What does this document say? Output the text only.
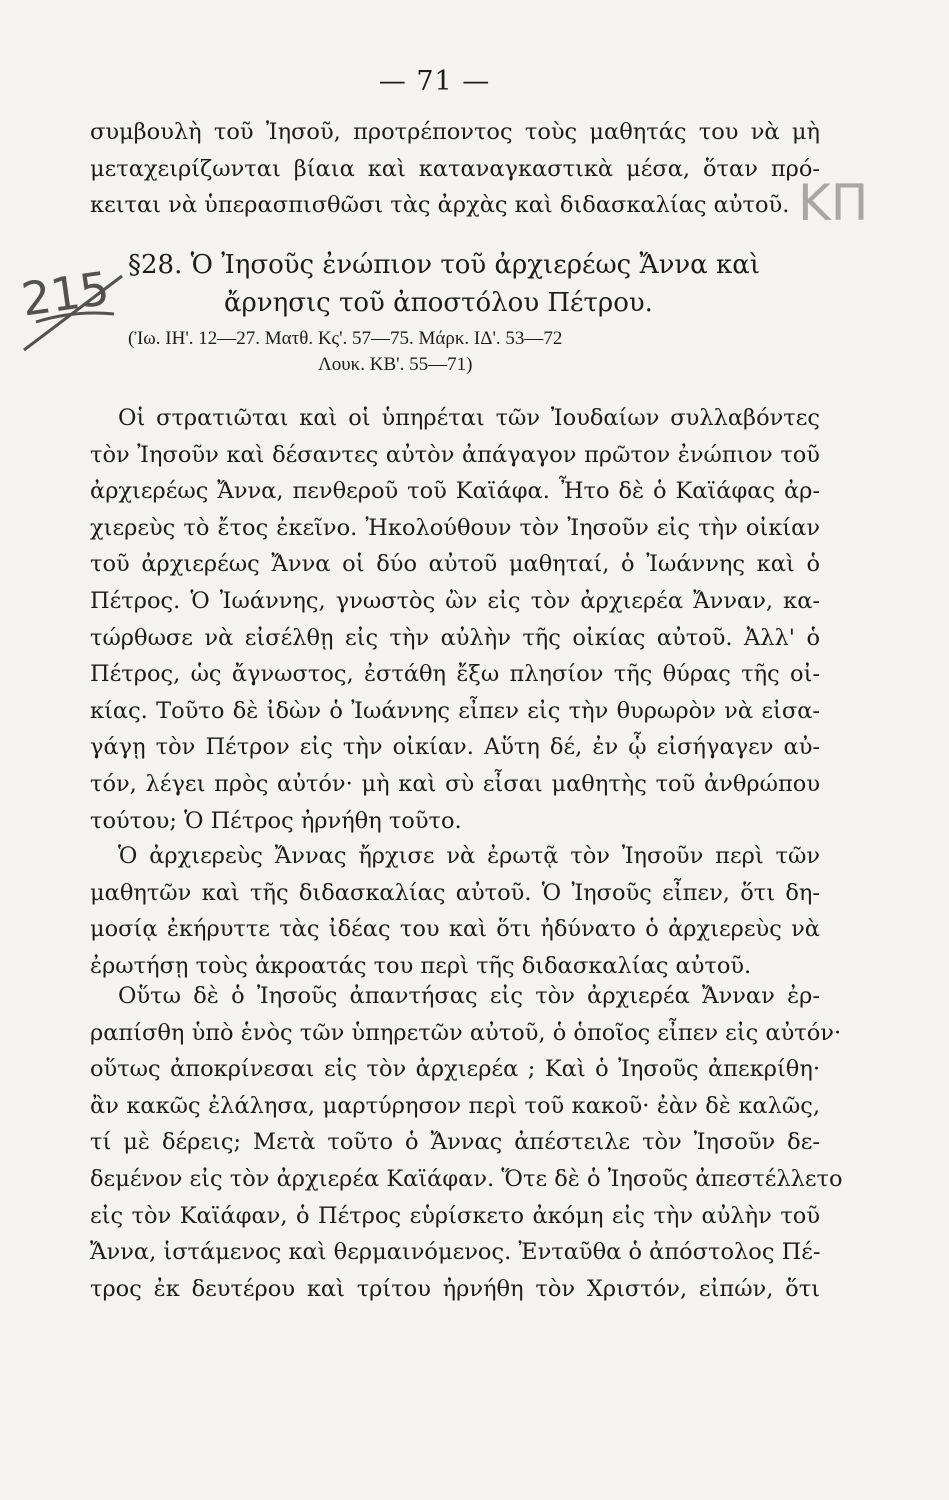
— 71 —
215
ΚΠ
συμβουλὴ τοῦ Ἰησοῦ, προτρέποντος τοὺς μαθητάς του νὰ μὴ
μεταχειρίζωνται βίαια καὶ καταναγκαστικὰ μέσα, ὅταν πρό-
κειται νὰ ὑπερασπισθῶσι τὰς ἀρχὰς καὶ διδασκαλίας αὐτοῦ.
§28. Ὁ Ἰησοῦς ἐνώπιον τοῦ ἀρχιερέως Ἄννα καὶ
ἄρνησις τοῦ ἀποστόλου Πέτρου.
(Ἰω. ΙΗ'. 12—27. Ματθ. Κς'. 57—75. Μάρκ. ΙΔ'. 53—72
Λουκ. ΚΒ'. 55—71)
Οἱ στρατιῶται καὶ οἱ ὑπηρέται τῶν Ἰουδαίων συλλαβόντες
τὸν Ἰησοῦν καὶ δέσαντες αὐτὸν ἀπάγαγον πρῶτον ἐνώπιον τοῦ
ἀρχιερέως Ἄννα, πενθεροῦ τοῦ Καϊάφα. Ἦτο δὲ ὁ Καϊάφας ἀρ-
χιερεὺς τὸ ἔτος ἐκεῖνο. Ἠκολούθουν τὸν Ἰησοῦν εἰς τὴν οἰκίαν
τοῦ ἀρχιερέως Ἄννα οἱ δύο αὐτοῦ μαθηταί, ὁ Ἰωάννης καὶ ὁ
Πέτρος. Ὁ Ἰωάννης, γνωστὸς ὢν εἰς τὸν ἀρχιερέα Ἄνναν, κα-
τώρθωσε νὰ εἰσέλθῃ εἰς τὴν αὐλὴν τῆς οἰκίας αὐτοῦ. Ἀλλ' ὁ
Πέτρος, ὡς ἄγνωστος, ἐστάθη ἔξω πλησίον τῆς θύρας τῆς οἰ-
κίας. Τοῦτο δὲ ἰδὼν ὁ Ἰωάννης εἶπεν εἰς τὴν θυρωρὸν νὰ εἰσα-
γάγῃ τὸν Πέτρον εἰς τὴν οἰκίαν. Αὕτη δέ, ἐν ᾧ εἰσήγαγεν αὐ-
τόν, λέγει πρὸς αὐτόν· μὴ καὶ σὺ εἶσαι μαθητὴς τοῦ ἀνθρώπου
τούτου; Ὁ Πέτρος ἠρνήθη τοῦτο.
Ὁ ἀρχιερεὺς Ἄννας ἤρχισε νὰ ἐρωτᾷ τὸν Ἰησοῦν περὶ τῶν
μαθητῶν καὶ τῆς διδασκαλίας αὐτοῦ. Ὁ Ἰησοῦς εἶπεν, ὅτι δη-
μοσίᾳ ἐκήρυττε τὰς ἰδέας του καὶ ὅτι ἠδύνατο ὁ ἀρχιερεὺς νὰ
ἐρωτήσῃ τοὺς ἀκροατάς του περὶ τῆς διδασκαλίας αὐτοῦ.
Οὕτω δὲ ὁ Ἰησοῦς ἀπαντήσας εἰς τὸν ἀρχιερέα Ἄνναν ἐρ-
ραπίσθη ὑπὸ ἑνὸς τῶν ὑπηρετῶν αὐτοῦ, ὁ ὁποῖος εἶπεν εἰς αὐτόν·
οὕτως ἀποκρίνεσαι εἰς τὸν ἀρχιερέα ; Καὶ ὁ Ἰησοῦς ἀπεκρίθη·
ἂν κακῶς ἐλάλησα, μαρτύρησον περὶ τοῦ κακοῦ· ἐὰν δὲ καλῶς,
τί μὲ δέρεις; Μετὰ τοῦτο ὁ Ἄννας ἀπέστειλε τὸν Ἰησοῦν δε-
δεμένον εἰς τὸν ἀρχιερέα Καϊάφαν. Ὅτε δὲ ὁ Ἰησοῦς ἀπεστέλλετο
εἰς τὸν Καϊάφαν, ὁ Πέτρος εὑρίσκετο ἀκόμη εἰς τὴν αὐλὴν τοῦ
Ἄννα, ἱστάμενος καὶ θερμαινόμενος. Ἐνταῦθα ὁ ἀπόστολος Πέ-
τρος ἐκ δευτέρου καὶ τρίτου ἠρνήθη τὸν Χριστόν, εἰπών, ὅτι
